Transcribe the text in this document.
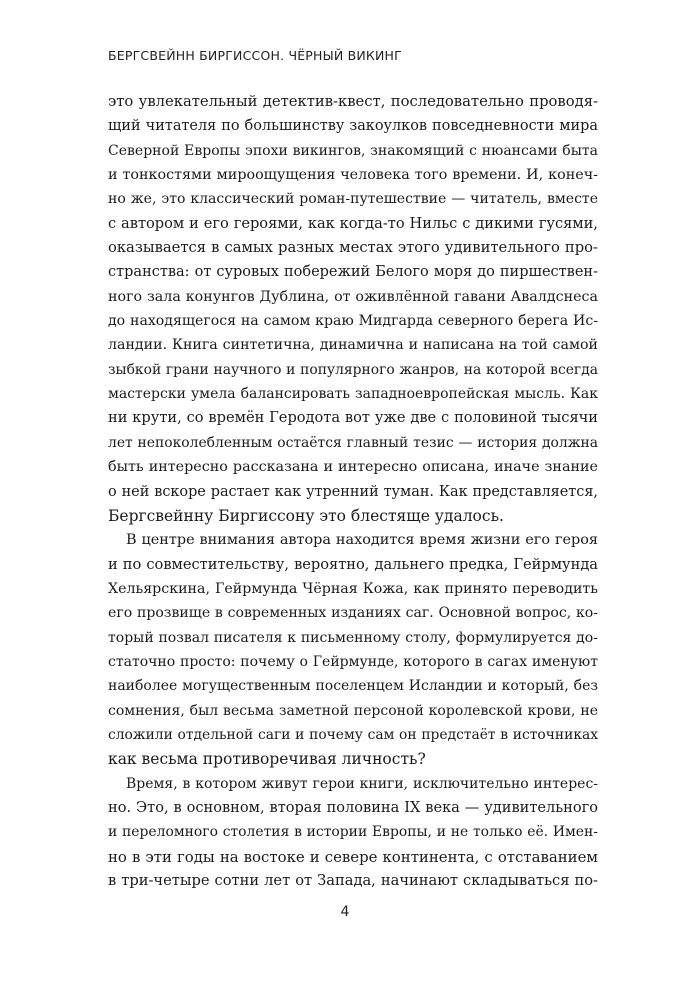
БЕРГСВЕЙНН БИРГИССОН. ЧЁРНЫЙ ВИКИНГ
это увлекательный детектив-квест, последовательно проводя-
щий читателя по большинству закоулков повседневности мира
Северной Европы эпохи викингов, знакомящий с нюансами быта
и тонкостями мироощущения человека того времени. И, конеч-
но же, это классический роман-путешествие — читатель, вместе
с автором и его героями, как когда-то Нильс с дикими гусями,
оказывается в самых разных местах этого удивительного про-
странства: от суровых побережий Белого моря до пиршествен-
ного зала конунгов Дублина, от оживлённой гавани Авалдснеса
до находящегося на самом краю Мидгарда северного берега Ис-
ландии. Книга синтетична, динамична и написана на той самой
зыбкой грани научного и популярного жанров, на которой всегда
мастерски умела балансировать западноевропейская мысль. Как
ни крути, со времён Геродота вот уже две с половиной тысячи
лет непоколебленным остаётся главный тезис — история должна
быть интересно рассказана и интересно описана, иначе знание
о ней вскоре растает как утренний туман. Как представляется,
Бергсвейнну Биргиссону это блестяще удалось.
В центре внимания автора находится время жизни его героя
и по совместительству, вероятно, дальнего предка, Гейрмунда
Хельярскина, Гейрмунда Чёрная Кожа, как принято переводить
его прозвище в современных изданиях саг. Основной вопрос, ко-
торый позвал писателя к письменному столу, формулируется до-
статочно просто: почему о Гейрмунде, которого в сагах именуют
наиболее могущественным поселенцем Исландии и который, без
сомнения, был весьма заметной персоной королевской крови, не
сложили отдельной саги и почему сам он предстаёт в источниках
как весьма противоречивая личность?
Время, в котором живут герои книги, исключительно интерес-
но. Это, в основном, вторая половина IX века — удивительного
и переломного столетия в истории Европы, и не только её. Имен-
но в эти годы на востоке и севере континента, с отставанием
в три-четыре сотни лет от Запада, начинают складываться по-
4
